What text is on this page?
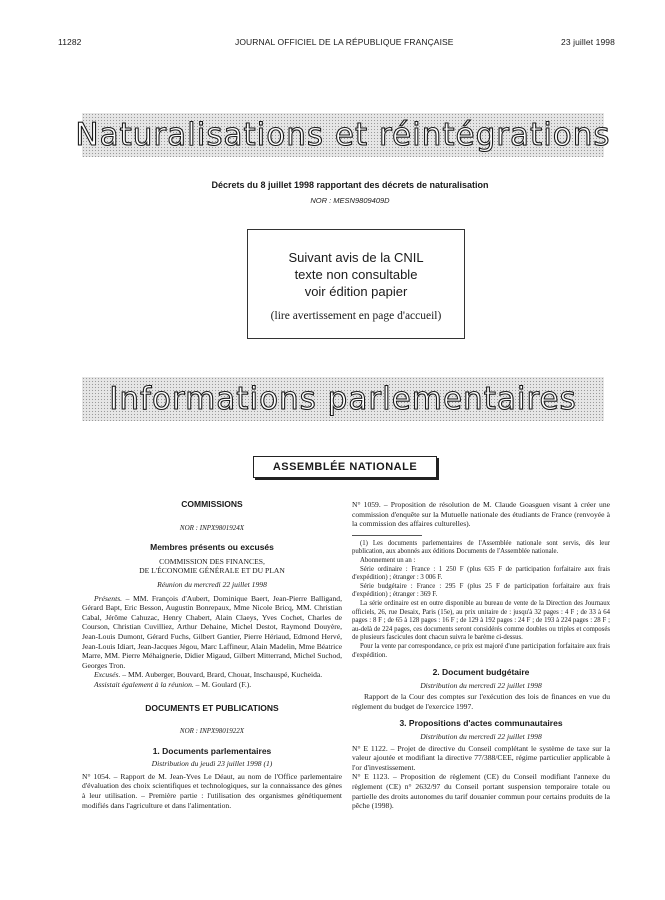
11282	JOURNAL OFFICIEL DE LA RÉPUBLIQUE FRANÇAISE	23 juillet 1998
Naturalisations et réintégrations
Décrets du 8 juillet 1998 rapportant des décrets de naturalisation
NOR : MESN9809409D
Suivant avis de la CNIL
texte non consultable
voir édition papier
(lire avertissement en page d'accueil)
Informations parlementaires
ASSEMBLÉE NATIONALE

COMMISSIONS

NOR : INPX9801924X

Membres présents ou excusés

COMMISSION DES FINANCES,

DE L'ÉCONOMIE GÉNÉRALE ET DU PLAN

Réunion du mercredi 22 juillet 1998

Présents. – MM. François d'Aubert, Dominique Baert, Jean-Pierre Balligand, Gérard Bapt, Eric Besson, Augustin Bonrepaux, Mme Nicole Bricq, MM. Christian Cabal, Jérôme Cahuzac, Henry Chabert, Alain Claeys, Yves Cochet, Charles de Courson, Christian Cuvilliez, Arthur Dehaine, Michel Destot, Raymond Douyère, Jean-Louis Dumont, Gérard Fuchs, Gilbert Gantier, Pierre Hériaud, Edmond Hervé, Jean-Louis Idiart, Jean-Jacques Jégou, Marc Laffineur, Alain Madelin, Mme Béatrice Marre, MM. Pierre Méhaignerie, Didier Migaud, Gilbert Mitterrand, Michel Suchod, Georges Tron.

Excusés. – MM. Auberger, Bouvard, Brard, Chouat, Inschauspé, Kucheida.

Assistait également à la réunion. – M. Goulard (F.).

DOCUMENTS ET PUBLICATIONS

NOR : INPX9801922X

1. Documents parlementaires

Distribution du jeudi 23 juillet 1998 (1)

N° 1054. – Rapport de M. Jean-Yves Le Déaut, au nom de l'Office parlementaire d'évaluation des choix scientifiques et technologiques, sur la connaissance des gènes à leur utilisation. – Première partie : l'utilisation des organismes génétiquement modifiés dans l'agriculture et dans l'alimentation.

N° 1059. – Proposition de résolution de M. Claude Goasguen visant à créer une commission d'enquête sur la Mutuelle nationale des étudiants de France (renvoyée à la commission des affaires culturelles).

(1) Les documents parlementaires de l'Assemblée nationale sont servis, dès leur publication, aux abonnés aux éditions Documents de l'Assemblée nationale.

Abonnement un an :

Série ordinaire : France : 1 250 F (plus 635 F de participation forfaitaire aux frais d'expédition) ; étranger : 3 006 F.

Série budgétaire : France : 295 F (plus 25 F de participation forfaitaire aux frais d'expédition) ; étranger : 369 F.

La série ordinaire est en outre disponible au bureau de vente de la Direction des Journaux officiels, 26, rue Desaix, Paris (15e), au prix unitaire de : jusqu'à 32 pages : 4 F ; de 33 à 64 pages : 8 F ; de 65 à 128 pages : 16 F ; de 129 à 192 pages : 24 F ; de 193 à 224 pages : 28 F ; au-delà de 224 pages, ces documents seront considérés comme doubles ou triples et composés de plusieurs fascicules dont chacun suivra le barème ci-dessus.

Pour la vente par correspondance, ce prix est majoré d'une participation forfaitaire aux frais d'expédition.

2. Document budgétaire

Distribution du mercredi 22 juillet 1998

Rapport de la Cour des comptes sur l'exécution des lois de finances en vue du règlement du budget de l'exercice 1997.

3. Propositions d'actes communautaires

Distribution du mercredi 22 juillet 1998

N° E 1122. – Projet de directive du Conseil complétant le système de taxe sur la valeur ajoutée et modifiant la directive 77/388/CEE, régime particulier applicable à l'or d'investissement.

N° E 1123. – Proposition de règlement (CE) du Conseil modifiant l'annexe du règlement (CE) n° 2632/97 du Conseil portant suspension temporaire totale ou partielle des droits autonomes du tarif douanier commun pour certains produits de la pêche (1998).
